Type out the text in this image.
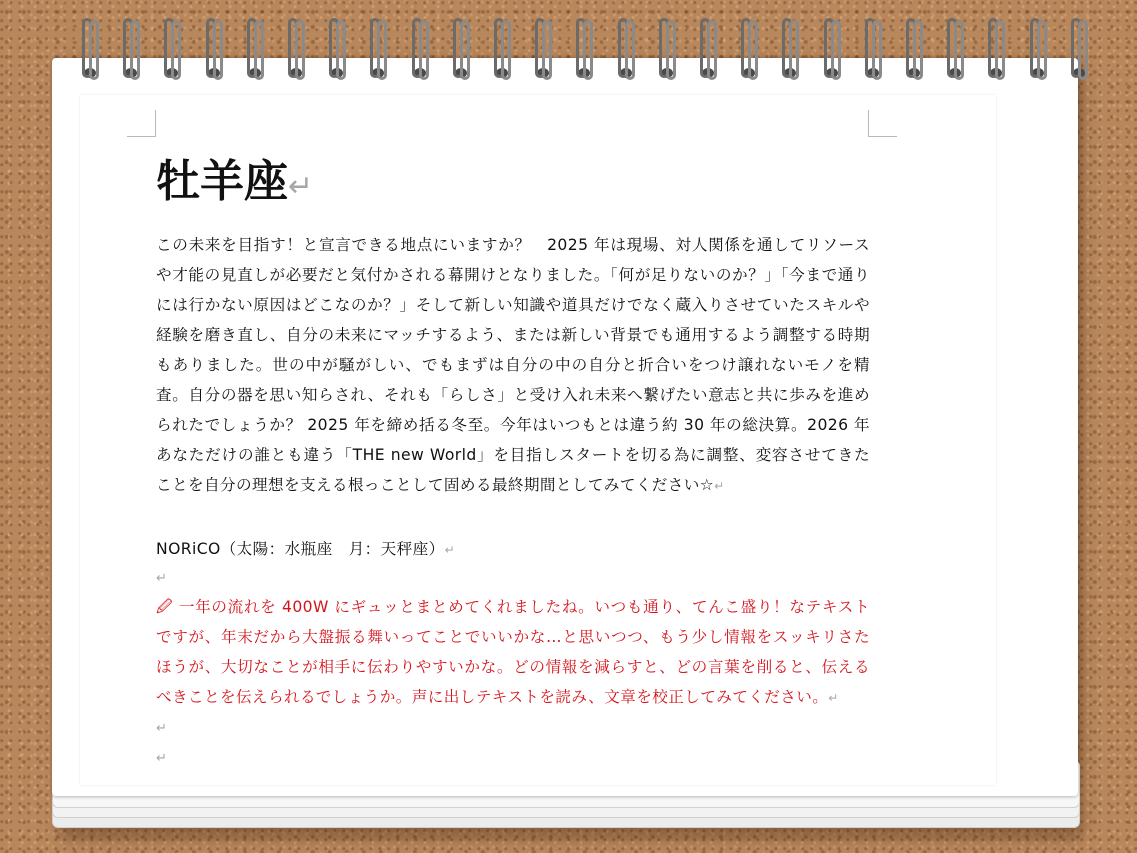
牡羊座↵

この未来を目指す！と宣言できる地点にいますか？　2025 年は現場、対人関係を通してリソースや才能の見直しが必要だと気付かされる幕開けとなりました。「何が足りないのか？」「今まで通りには行かない原因はどこなのか？」そして新しい知識や道具だけでなく蔵入りさせていたスキルや経験を磨き直し、自分の未来にマッチするよう、または新しい背景でも通用するよう調整する時期もありました。世の中が騒がしい、でもまずは自分の中の自分と折合いをつけ譲れないモノを精査。自分の器を思い知らされ、それも「らしさ」と受け入れ未来へ繋げたい意志と共に歩みを進められたでしょうか？ 2025 年を締め括る冬至。今年はいつもとは違う約 30 年の総決算。2026 年あなただけの誰とも違う「THE new World」を目指しスタートを切る為に調整、変容させてきたことを自分の理想を支える根っことして固める最終期間としてみてください☆↵

NORiCO（太陽：水瓶座　月：天秤座）↵

↵

🖉 一年の流れを 400W にギュッとまとめてくれましたね。いつも通り、てんこ盛り！なテキストですが、年末だから大盤振る舞いってことでいいかな…と思いつつ、もう少し情報をスッキリさたほうが、大切なことが相手に伝わりやすいかな。どの情報を減らすと、どの言葉を削ると、伝えるべきことを伝えられるでしょうか。声に出しテキストを読み、文章を校正してみてください。↵

↵

↵
